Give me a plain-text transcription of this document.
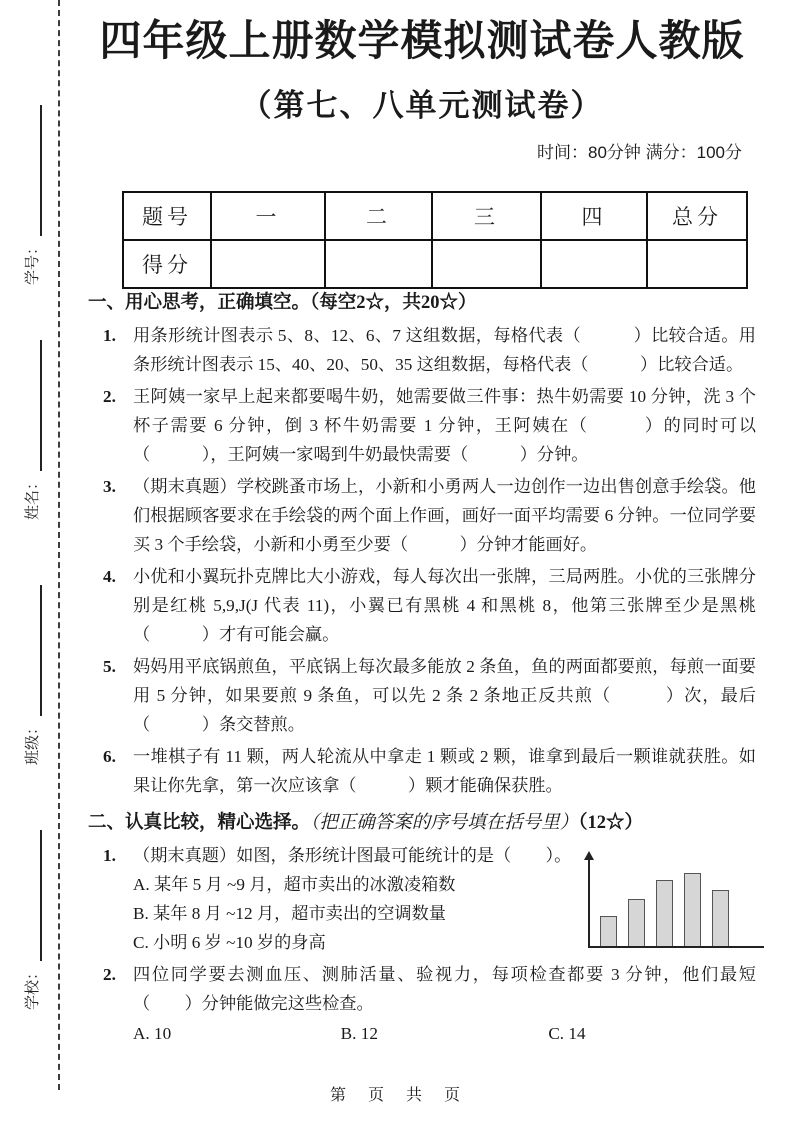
学号：
姓名：
班级：
学校：
四年级上册数学模拟测试卷人教版
（第七、八单元测试卷）
时间：80分钟 满分：100分
题号	一	二	三	四	总分
得分					
一、用心思考，正确填空。（每空2☆，共20☆）
1. 用条形统计图表示 5、8、12、6、7 这组数据，每格代表（　　　）比较合适。用条形统计图表示 15、40、20、50、35 这组数据，每格代表（　　　）比较合适。
2. 王阿姨一家早上起来都要喝牛奶，她需要做三件事：热牛奶需要 10 分钟，洗 3 个杯子需要 6 分钟，倒 3 杯牛奶需要 1 分钟，王阿姨在（　　　）的同时可以（　　　），王阿姨一家喝到牛奶最快需要（　　　）分钟。
3. （期末真题）学校跳蚤市场上，小新和小勇两人一边创作一边出售创意手绘袋。他们根据顾客要求在手绘袋的两个面上作画，画好一面平均需要 6 分钟。一位同学要买 3 个手绘袋，小新和小勇至少要（　　　）分钟才能画好。
4. 小优和小翼玩扑克牌比大小游戏，每人每次出一张牌，三局两胜。小优的三张牌分别是红桃 5,9,J(J 代表 11)，小翼已有黑桃 4 和黑桃 8，他第三张牌至少是黑桃（　　　）才有可能会赢。
5. 妈妈用平底锅煎鱼，平底锅上每次最多能放 2 条鱼，鱼的两面都要煎，每煎一面要用 5 分钟，如果要煎 9 条鱼，可以先 2 条 2 条地正反共煎（　　　）次，最后（　　　）条交替煎。
6. 一堆棋子有 11 颗，两人轮流从中拿走 1 颗或 2 颗，谁拿到最后一颗谁就获胜。如果让你先拿，第一次应该拿（　　　）颗才能确保获胜。
二、认真比较，精心选择。（把正确答案的序号填在括号里）（12☆）
1. （期末真题）如图，条形统计图最可能统计的是（　　）。
A. 某年 5 月 ~9 月，超市卖出的冰激凌箱数
B. 某年 8 月 ~12 月，超市卖出的空调数量
C. 小明 6 岁 ~10 岁的身高
2. 四位同学要去测血压、测肺活量、验视力，每项检查都要 3 分钟，他们最短（　　）分钟能做完这些检查。
A. 10	B. 12	C. 14
第　页　共　页
